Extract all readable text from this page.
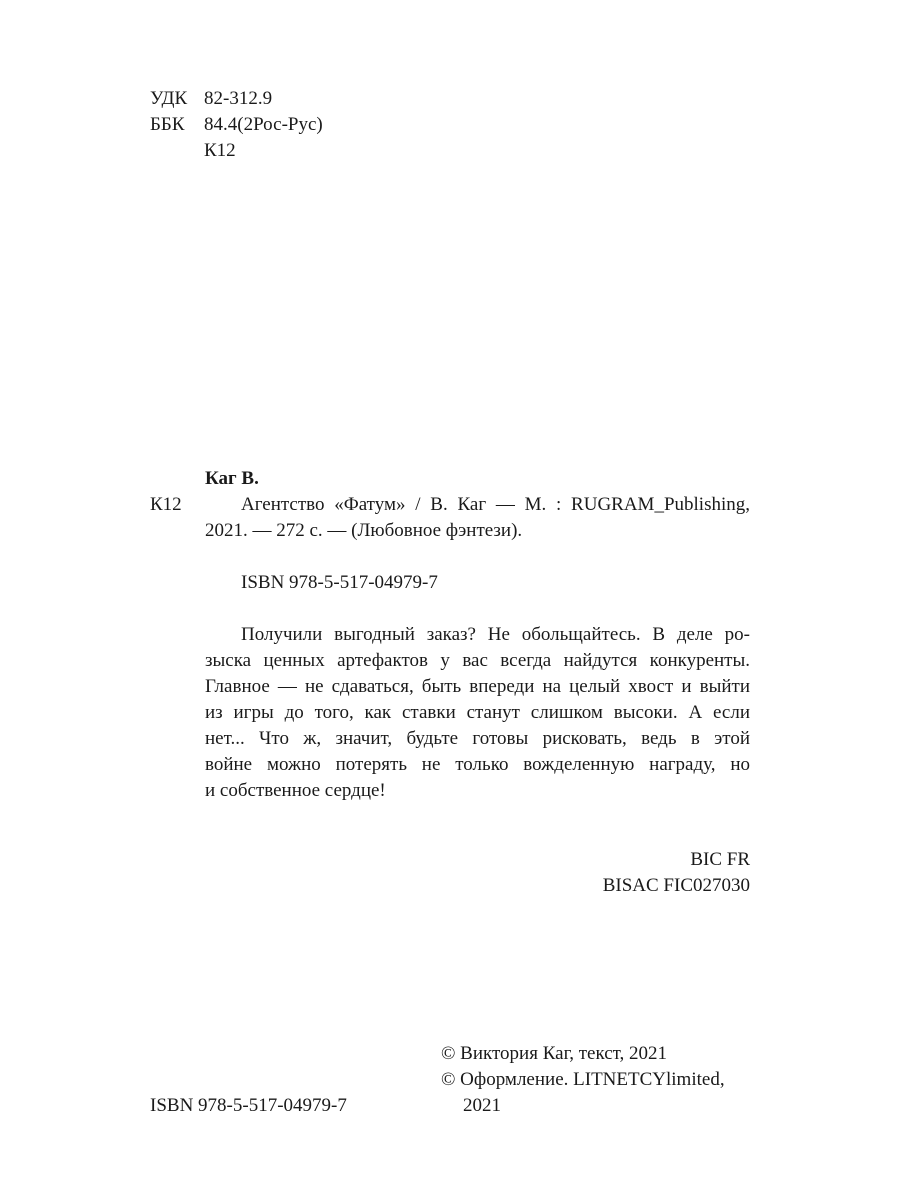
УДК 82-312.9
ББК	84.4(2Рос-Рус)
К12
Каг В.
К12	Агентство «Фатум» / В. Каг — М. : RUGRAM_Publishing,
2021. — 272 с. — (Любовное фэнтези).
ISBN 978-5-517-04979-7
Получили выгодный заказ? Не обольщайтесь. В деле ро-
зыска ценных артефактов у вас всегда найдутся конкуренты.
Главное — не сдаваться, быть впереди на целый хвост и выйти
из игры до того, как ставки станут слишком высоки. А если
нет... Что ж, значит, будьте готовы рисковать, ведь в этой
войне можно потерять не только вожделенную награду, но
и собственное сердце!
BIC FR
BISAC FIC027030
© Виктория Каг, текст, 2021
© Оформление. LITNETCYlimited,
2021
ISBN 978-5-517-04979-7
